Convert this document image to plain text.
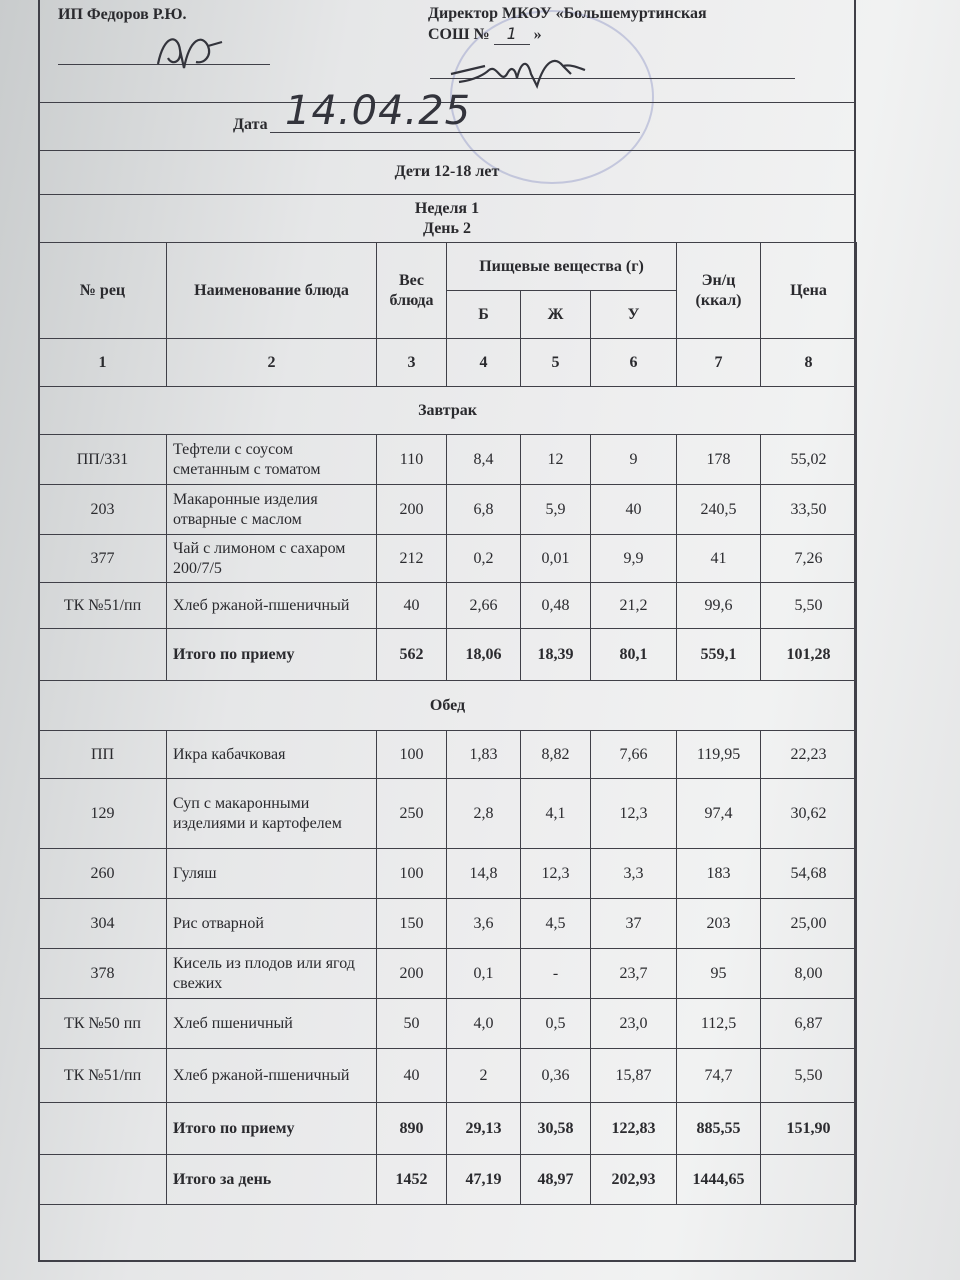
ИП Федоров Р.Ю.	Директор МКОУ «Большемуртинская
СОШ № 1 »
Дата 14.04.25
Дети 12-18 лет
Неделя 1
День 2
№ рец	Наименование блюда	Вес блюда	Пищевые вещества (г)			Эн/ц (ккал)	Цена
			Б	Ж	У		
1	2	3	4	5	6	7	8
Завтрак							
ПП/331	Тефтели с соусом сметанным с томатом	110	8,4	12	9	178	55,02
203	Макаронные изделия отварные с маслом	200	6,8	5,9	40	240,5	33,50
377	Чай с лимоном с сахаром 200/7/5	212	0,2	0,01	9,9	41	7,26
ТК №51/пп	Хлеб ржаной-пшеничный	40	2,66	0,48	21,2	99,6	5,50
	Итого по приему	562	18,06	18,39	80,1	559,1	101,28
Обед							
ПП	Икра кабачковая	100	1,83	8,82	7,66	119,95	22,23
129	Суп с макаронными изделиями и картофелем	250	2,8	4,1	12,3	97,4	30,62
260	Гуляш	100	14,8	12,3	3,3	183	54,68
304	Рис отварной	150	3,6	4,5	37	203	25,00
378	Кисель из плодов или ягод свежих	200	0,1	-	23,7	95	8,00
ТК №50 пп	Хлеб пшеничный	50	4,0	0,5	23,0	112,5	6,87
ТК №51/пп	Хлеб ржаной-пшеничный	40	2	0,36	15,87	74,7	5,50
	Итого по приему	890	29,13	30,58	122,83	885,55	151,90
	Итого за день	1452	47,19	48,97	202,93	1444,65	
